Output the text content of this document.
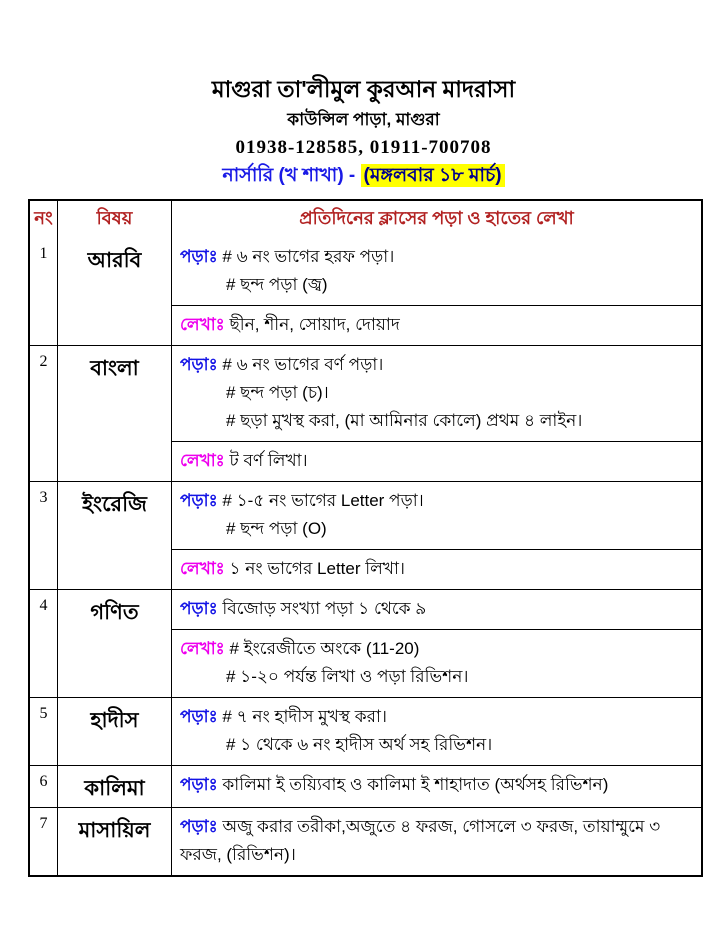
মাগুরা তা'লীমুল কুরআন মাদরাসা
কাউন্সিল পাড়া, মাগুরা
01938-128585, 01911-700708
নার্সারি (খ শাখা) - (মঙ্গলবার ১৮ মার্চ)
নং	বিষয়	প্রতিদিনের ক্লাসের পড়া ও হাতের লেখা
1	আরবি	পড়াঃ # ৬ নং ভাগের হরফ পড়া।
# ছন্দ পড়া (জ্ব)
লেখাঃ ছীন, শীন, সোয়াদ, দোয়াদ
2	বাংলা	পড়াঃ # ৬ নং ভাগের বর্ণ পড়া।
# ছন্দ পড়া (চ)।
# ছড়া মুখস্থ করা, (মা আমিনার কোলে) প্রথম ৪ লাইন।
লেখাঃ ট বর্ণ লিখা।
3	ইংরেজি	পড়াঃ # ১-৫ নং ভাগের Letter পড়া।
# ছন্দ পড়া (O)
লেখাঃ ১ নং ভাগের Letter লিখা।
4	গণিত	পড়াঃ বিজোড় সংখ্যা পড়া ১ থেকে ৯
লেখাঃ # ইংরেজীতে অংকে (11-20)
# ১-২০ পর্যন্ত লিখা ও পড়া রিভিশন।
5	হাদীস	পড়াঃ # ৭ নং হাদীস মুখস্থ করা।
# ১ থেকে ৬ নং হাদীস অর্থ সহ রিভিশন।
6	কালিমা	পড়াঃ কালিমা ই তয়্যিবাহ ও কালিমা ই শাহাদাত (অর্থসহ রিভিশন)
7	মাসায়িল	পড়াঃ অজু করার তরীকা,অজুতে ৪ ফরজ, গোসলে ৩ ফরজ, তায়াম্মুমে ৩ ফরজ, (রিভিশন)।
